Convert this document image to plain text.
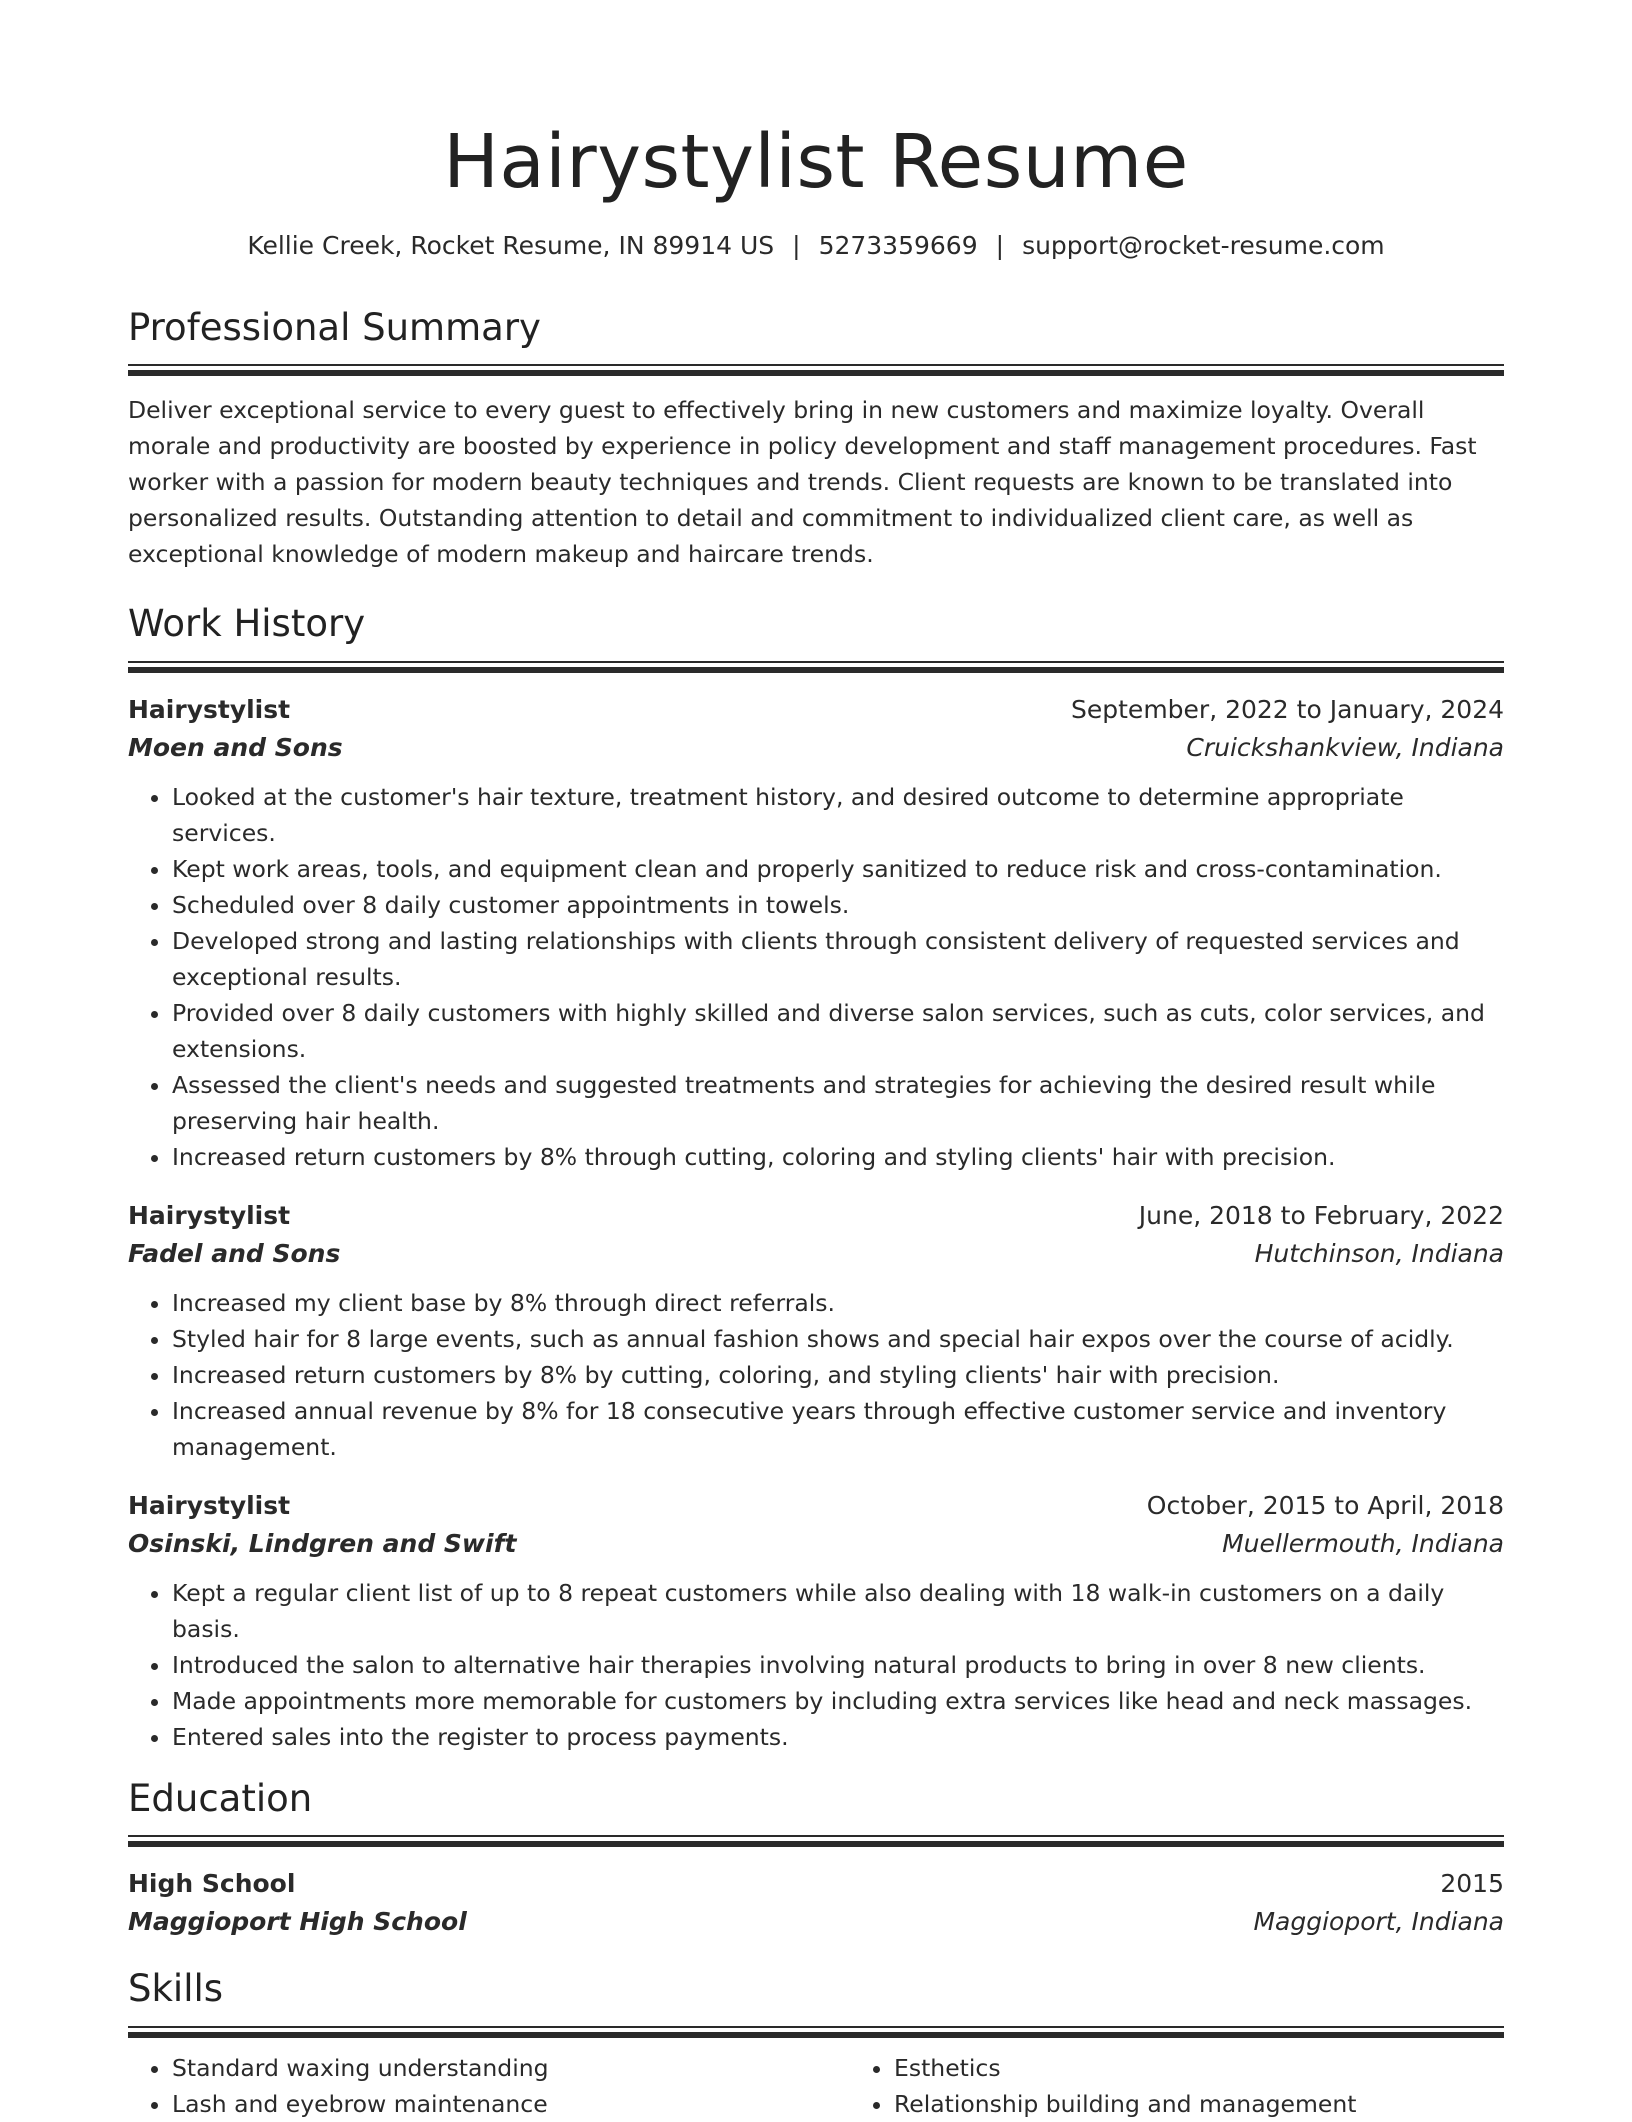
Hairystylist Resume
Kellie Creek, Rocket Resume, IN 89914 US | 5273359669 | support@rocket-resume.com
Professional Summary
Deliver exceptional service to every guest to effectively bring in new customers and maximize loyalty. Overall morale and productivity are boosted by experience in policy development and staff management procedures. Fast worker with a passion for modern beauty techniques and trends. Client requests are known to be translated into personalized results. Outstanding attention to detail and commitment to individualized client care, as well as exceptional knowledge of modern makeup and haircare trends.
Work History
Hairystylist	September, 2022 to January, 2024
Moen and Sons	Cruickshankview, Indiana
• Looked at the customer's hair texture, treatment history, and desired outcome to determine appropriate services.
• Kept work areas, tools, and equipment clean and properly sanitized to reduce risk and cross-contamination.
• Scheduled over 8 daily customer appointments in towels.
• Developed strong and lasting relationships with clients through consistent delivery of requested services and exceptional results.
• Provided over 8 daily customers with highly skilled and diverse salon services, such as cuts, color services, and extensions.
• Assessed the client's needs and suggested treatments and strategies for achieving the desired result while preserving hair health.
• Increased return customers by 8% through cutting, coloring and styling clients' hair with precision.
Hairystylist	June, 2018 to February, 2022
Fadel and Sons	Hutchinson, Indiana
• Increased my client base by 8% through direct referrals.
• Styled hair for 8 large events, such as annual fashion shows and special hair expos over the course of acidly.
• Increased return customers by 8% by cutting, coloring, and styling clients' hair with precision.
• Increased annual revenue by 8% for 18 consecutive years through effective customer service and inventory management.
Hairystylist	October, 2015 to April, 2018
Osinski, Lindgren and Swift	Muellermouth, Indiana
• Kept a regular client list of up to 8 repeat customers while also dealing with 18 walk-in customers on a daily basis.
• Introduced the salon to alternative hair therapies involving natural products to bring in over 8 new clients.
• Made appointments more memorable for customers by including extra services like head and neck massages.
• Entered sales into the register to process payments.
Education
High School	2015
Maggioport High School	Maggioport, Indiana
Skills
• Standard waxing understanding
• Lash and eyebrow maintenance
• Esthetics
• Relationship building and management
